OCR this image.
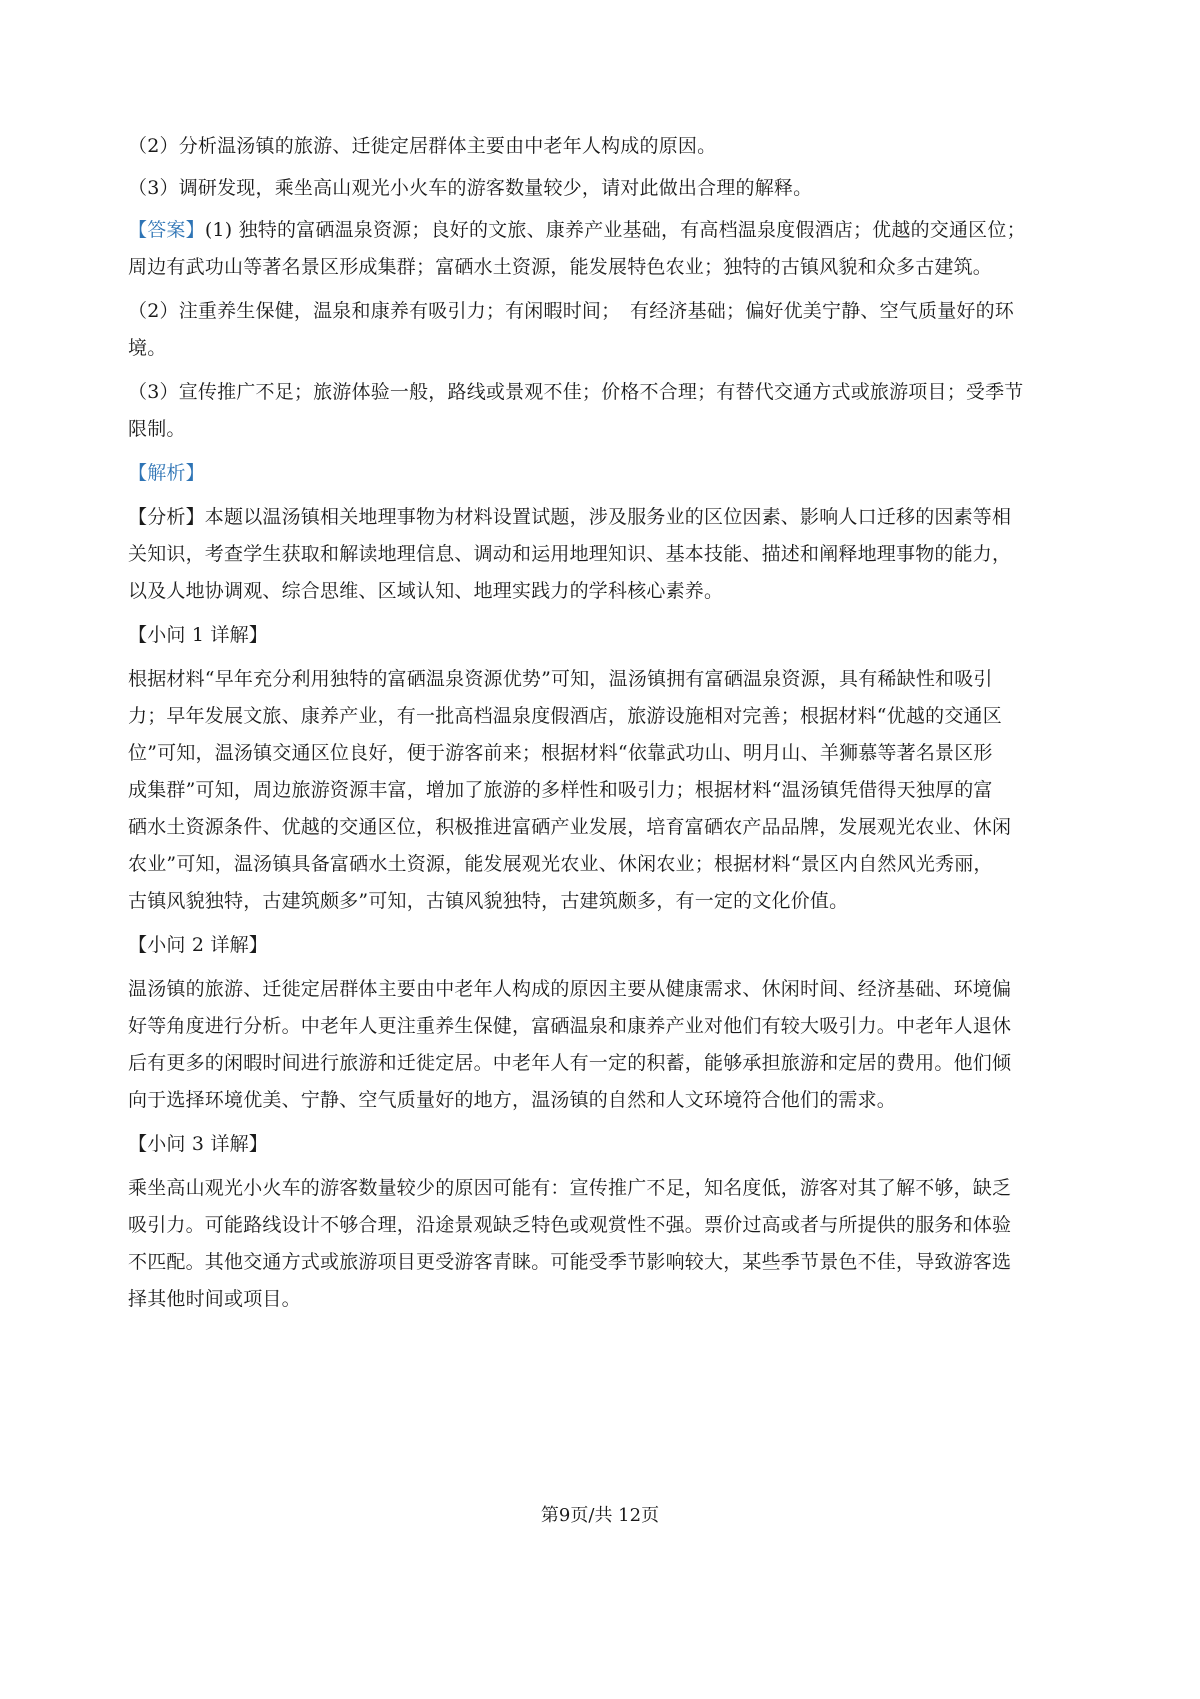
（2）分析温汤镇的旅游、迁徙定居群体主要由中老年人构成的原因。

（3）调研发现，乘坐高山观光小火车的游客数量较少，请对此做出合理的解释。

【答案】(1) 独特的富硒温泉资源；良好的文旅、康养产业基础，有高档温泉度假酒店；优越的交通区位；

周边有武功山等著名景区形成集群；富硒水土资源，能发展特色农业；独特的古镇风貌和众多古建筑。

（2）注重养生保健，温泉和康养有吸引力；有闲暇时间；　有经济基础；偏好优美宁静、空气质量好的环

境。

（3）宣传推广不足；旅游体验一般，路线或景观不佳；价格不合理；有替代交通方式或旅游项目；受季节

限制。

【解析】

【分析】本题以温汤镇相关地理事物为材料设置试题，涉及服务业的区位因素、影响人口迁移的因素等相

关知识，考查学生获取和解读地理信息、调动和运用地理知识、基本技能、描述和阐释地理事物的能力，

以及人地协调观、综合思维、区域认知、地理实践力的学科核心素养。

【小问 1 详解】

根据材料“早年充分利用独特的富硒温泉资源优势”可知，温汤镇拥有富硒温泉资源，具有稀缺性和吸引

力；早年发展文旅、康养产业，有一批高档温泉度假酒店，旅游设施相对完善；根据材料“优越的交通区

位”可知，温汤镇交通区位良好，便于游客前来；根据材料“依靠武功山、明月山、羊狮慕等著名景区形

成集群”可知，周边旅游资源丰富，增加了旅游的多样性和吸引力；根据材料“温汤镇凭借得天独厚的富

硒水土资源条件、优越的交通区位，积极推进富硒产业发展，培育富硒农产品品牌，发展观光农业、休闲

农业”可知，温汤镇具备富硒水土资源，能发展观光农业、休闲农业；根据材料“景区内自然风光秀丽，

古镇风貌独特，古建筑颇多”可知，古镇风貌独特，古建筑颇多，有一定的文化价值。

【小问 2 详解】

温汤镇的旅游、迁徙定居群体主要由中老年人构成的原因主要从健康需求、休闲时间、经济基础、环境偏

好等角度进行分析。中老年人更注重养生保健，富硒温泉和康养产业对他们有较大吸引力。中老年人退休

后有更多的闲暇时间进行旅游和迁徙定居。中老年人有一定的积蓄，能够承担旅游和定居的费用。他们倾

向于选择环境优美、宁静、空气质量好的地方，温汤镇的自然和人文环境符合他们的需求。

【小问 3 详解】

乘坐高山观光小火车的游客数量较少的原因可能有：宣传推广不足，知名度低，游客对其了解不够，缺乏

吸引力。可能路线设计不够合理，沿途景观缺乏特色或观赏性不强。票价过高或者与所提供的服务和体验

不匹配。其他交通方式或旅游项目更受游客青睐。可能受季节影响较大，某些季节景色不佳，导致游客选

择其他时间或项目。

第9页/共 12页
